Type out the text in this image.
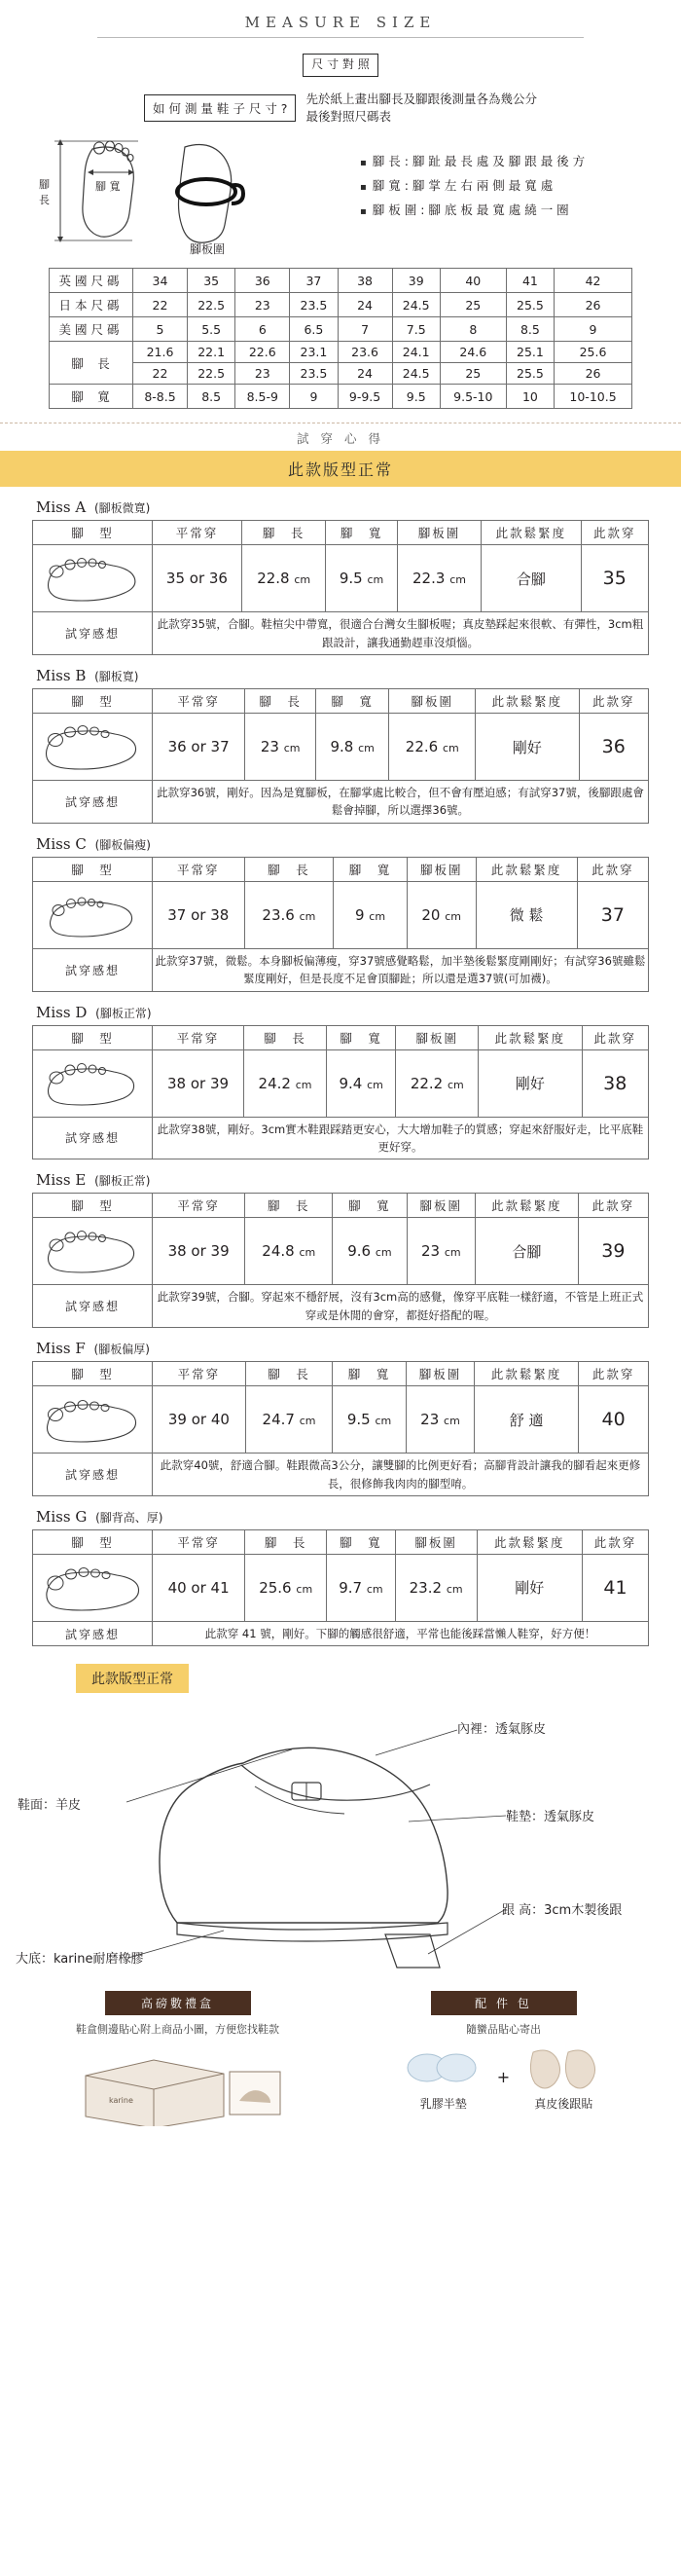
MEASURE SIZE
尺 寸 對 照
如 何 測 量 鞋 子 尺 寸 ?
先於紙上畫出腳長及腳跟後測量各為幾公分
最後對照尺碼表
腳
長
腳 寬
腳板圍
▪ 腳 長 : 腳 趾 最 長 處 及 腳 跟 最 後 方
▪ 腳 寬 : 腳 掌 左 右 兩 側 最 寬 處
▪ 腳 板 圍 : 腳 底 板 最 寬 處 繞 一 圈
英國尺碼	34	35	36	37	38	39	40	41	42
日本尺碼	22	22.5	23	23.5	24	24.5	25	25.5	26
美國尺碼	5	5.5	6	6.5	7	7.5	8	8.5	9
腳　長	21.6	22.1	22.6	23.1	23.6	24.1	24.6	25.1	25.6
	22	22.5	23	23.5	24	24.5	25	25.5	26
腳　寬	8-8.5	8.5	8.5-9	9	9-9.5	9.5	9.5-10	10	10-10.5
試 穿 心 得
此款版型正常
Miss A (腳板微寬)
腳　型	平常穿	腳　長	腳　寬	腳板圍	此款鬆緊度	此款穿

	35 or 36	22.8 cm	9.5 cm	22.3 cm	合腳	35
試穿感想	此款穿35號，合腳。鞋楦尖中帶寬，很適合台灣女生腳板喔；真皮墊踩起來很軟、有彈性，3cm粗跟設計，讓我通勤趕車沒煩惱。					
Miss B (腳板寬)
腳　型	平常穿	腳　長	腳　寬	腳板圍	此款鬆緊度	此款穿

	36 or 37	23 cm	9.8 cm	22.6 cm	剛好	36
試穿感想	此款穿36號，剛好。因為是寬腳板，在腳掌處比較合，但不會有壓迫感；有試穿37號，後腳跟處會鬆會掉腳，所以選擇36號。					
Miss C (腳板偏瘦)
腳　型	平常穿	腳　長	腳　寬	腳板圍	此款鬆緊度	此款穿

	37 or 38	23.6 cm	9 cm	20 cm	微 鬆	37
試穿感想	此款穿37號，微鬆。本身腳板偏薄瘦，穿37號感覺略鬆，加半墊後鬆緊度剛剛好；有試穿36號雖鬆緊度剛好，但是長度不足會頂腳趾；所以還是選37號(可加襪)。					
Miss D (腳板正常)
腳　型	平常穿	腳　長	腳　寬	腳板圍	此款鬆緊度	此款穿

	38 or 39	24.2 cm	9.4 cm	22.2 cm	剛好	38
試穿感想	此款穿38號，剛好。3cm實木鞋跟踩踏更安心，大大增加鞋子的質感；穿起來舒服好走，比平底鞋更好穿。					
Miss E (腳板正常)
腳　型	平常穿	腳　長	腳　寬	腳板圍	此款鬆緊度	此款穿

	38 or 39	24.8 cm	9.6 cm	23 cm	合腳	39
試穿感想	此款穿39號，合腳。穿起來不穩舒展，沒有3cm高的感覺，像穿平底鞋一樣舒適，不管是上班正式穿或是休閒的會穿，都挺好搭配的喔。					
Miss F (腳板偏厚)
腳　型	平常穿	腳　長	腳　寬	腳板圍	此款鬆緊度	此款穿

	39 or 40	24.7 cm	9.5 cm	23 cm	舒 適	40
試穿感想	此款穿40號，舒適合腳。鞋跟微高3公分，讓雙腳的比例更好看；高腳背設計讓我的腳看起來更修長，很修飾我肉肉的腳型唷。					
Miss G (腳背高、厚)
腳　型	平常穿	腳　長	腳　寬	腳板圍	此款鬆緊度	此款穿

	40 or 41	25.6 cm	9.7 cm	23.2 cm	剛好	41
試穿感想	此款穿 41 號，剛好。下腳的觸感很舒適，平常也能後踩當懶人鞋穿，好方便！					
此款版型正常
鞋面：羊皮
內裡：透氣豚皮
鞋墊：透氣豚皮
跟 高：3cm木製後跟
大底：karine耐磨橡膠
高磅數禮盒
鞋盒側邊貼心附上商品小圖，方便您找鞋款
karine
配 件 包
隨蠻品貼心寄出
乳膠半墊
+
真皮後跟貼
